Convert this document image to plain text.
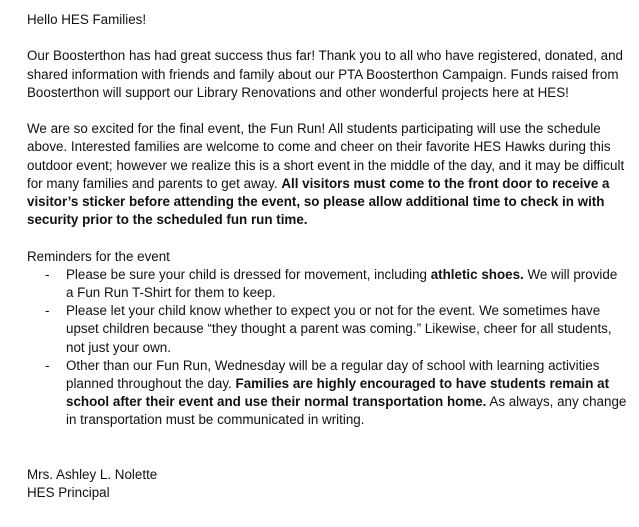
Hello HES Families!

Our Boosterthon has had great success thus far! Thank you to all who have registered, donated, and shared information with friends and family about our PTA Boosterthon Campaign. Funds raised from Boosterthon will support our Library Renovations and other wonderful projects here at HES!

We are so excited for the final event, the Fun Run! All students participating will use the schedule above. Interested families are welcome to come and cheer on their favorite HES Hawks during this outdoor event; however we realize this is a short event in the middle of the day, and it may be difficult for many families and parents to get away. All visitors must come to the front door to receive a visitor’s sticker before attending the event, so please allow additional time to check in with security prior to the scheduled fun run time.

Reminders for the event

- Please be sure your child is dressed for movement, including athletic shoes. We will provide a Fun Run T-Shirt for them to keep.
- Please let your child know whether to expect you or not for the event. We sometimes have upset children because “they thought a parent was coming.” Likewise, cheer for all students, not just your own.
- Other than our Fun Run, Wednesday will be a regular day of school with learning activities planned throughout the day. Families are highly encouraged to have students remain at school after their event and use their normal transportation home. As always, any change in transportation must be communicated in writing.

Mrs. Ashley L. Nolette

HES Principal
